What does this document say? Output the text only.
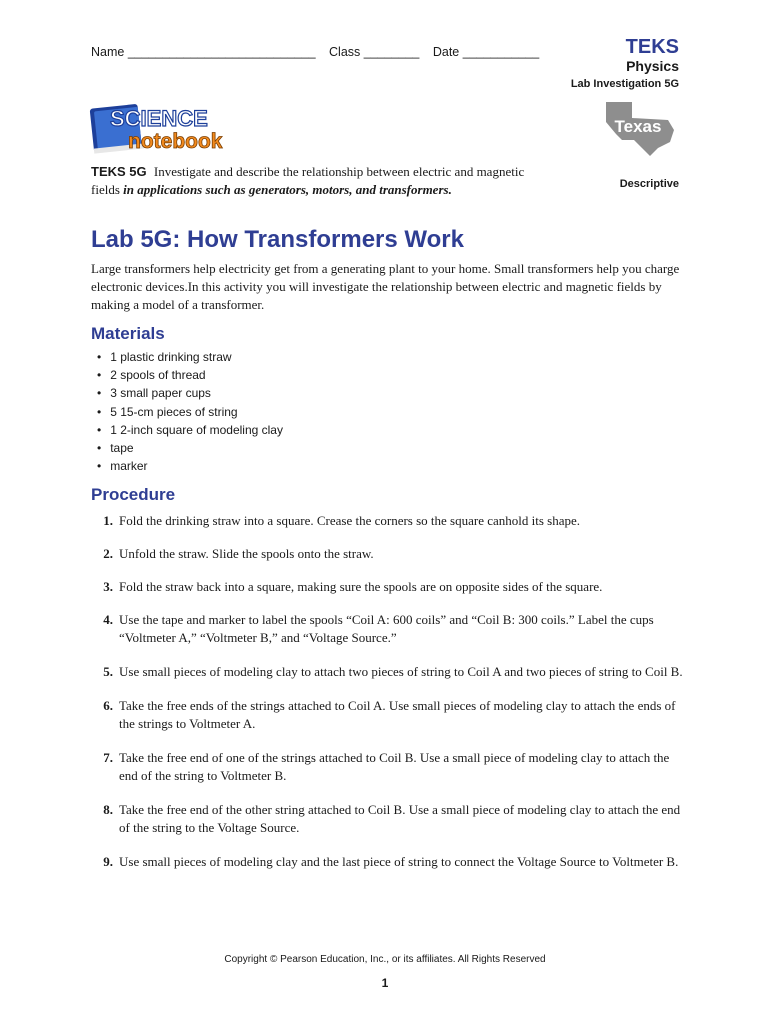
Name ___________________________ Class ________ Date ___________	TEKS
Physics
Lab Investigation 5G
SCIENCE
notebook
Texas
TEKS 5G Investigate and describe the relationship between electric and magnetic fields in applications such as generators, motors, and transformers.	Descriptive
Lab 5G: How Transformers Work

Large transformers help electricity get from a generating plant to your home. Small transformers help you charge electronic devices.In this activity you will investigate the relationship between electric and magnetic fields by making a model of a transformer.

Materials
• 1 plastic drinking straw
• 2 spools of thread
• 3 small paper cups
• 5 15-cm pieces of string
• 1 2-inch square of modeling clay
• tape
• marker
Procedure
1. Fold the drinking straw into a square. Crease the corners so the square canhold its shape.
2. Unfold the straw. Slide the spools onto the straw.
3. Fold the straw back into a square, making sure the spools are on opposite sides of the square.
4. Use the tape and marker to label the spools “Coil A: 600 coils” and “Coil B: 300 coils.” Label the cups “Voltmeter A,” “Voltmeter B,” and “Voltage Source.”
5. Use small pieces of modeling clay to attach two pieces of string to Coil A and two pieces of string to Coil B.
6. Take the free ends of the strings attached to Coil A. Use small pieces of modeling clay to attach the ends of the strings to Voltmeter A.
7. Take the free end of one of the strings attached to Coil B. Use a small piece of modeling clay to attach the end of the string to Voltmeter B.
8. Take the free end of the other string attached to Coil B. Use a small piece of modeling clay to attach the end of the string to the Voltage Source.
9. Use small pieces of modeling clay and the last piece of string to connect the Voltage Source to Voltmeter B.
Copyright © Pearson Education, Inc., or its affiliates. All Rights Reserved
1
